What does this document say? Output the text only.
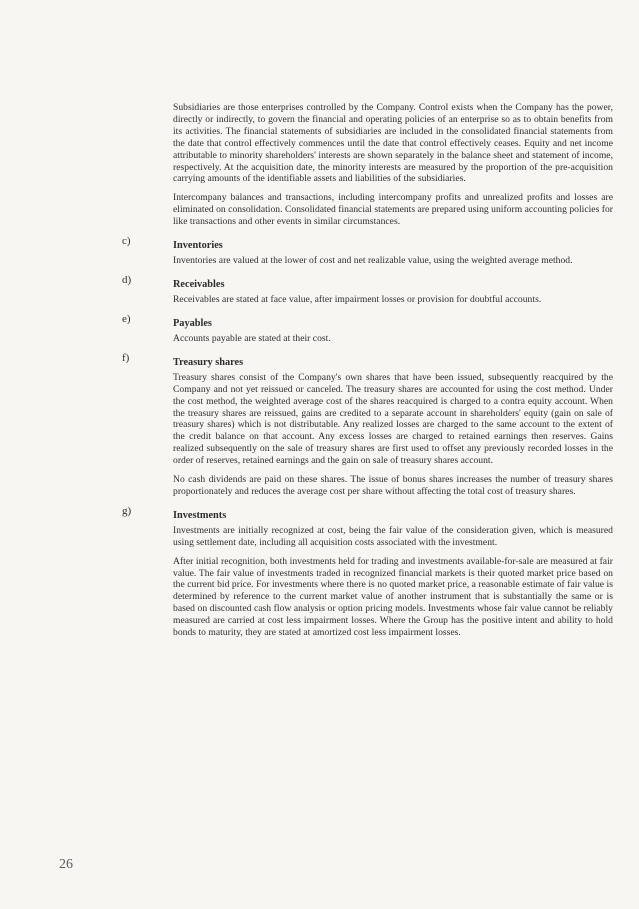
Subsidiaries are those enterprises controlled by the Company. Control exists when the Company has the power, directly or indirectly, to govern the financial and operating policies of an enterprise so as to obtain benefits from its activities. The financial statements of subsidiaries are included in the consolidated financial statements from the date that control effectively commences until the date that control effectively ceases. Equity and net income attributable to minority shareholders' interests are shown separately in the balance sheet and statement of income, respectively. At the acquisition date, the minority interests are measured by the proportion of the pre-acquisition carrying amounts of the identifiable assets and liabilities of the subsidiaries.

Intercompany balances and transactions, including intercompany profits and unrealized profits and losses are eliminated on consolidation. Consolidated financial statements are prepared using uniform accounting policies for like transactions and other events in similar circumstances.

c)	Inventories

Inventories are valued at the lower of cost and net realizable value, using the weighted average method.

d)	Receivables

Receivables are stated at face value, after impairment losses or provision for doubtful accounts.

e)	Payables

Accounts payable are stated at their cost.

f)	Treasury shares

Treasury shares consist of the Company's own shares that have been issued, subsequently reacquired by the Company and not yet reissued or canceled. The treasury shares are accounted for using the cost method. Under the cost method, the weighted average cost of the shares reacquired is charged to a contra equity account. When the treasury shares are reissued, gains are credited to a separate account in shareholders' equity (gain on sale of treasury shares) which is not distributable. Any realized losses are charged to the same account to the extent of the credit balance on that account. Any excess losses are charged to retained earnings then reserves. Gains realized subsequently on the sale of treasury shares are first used to offset any previously recorded losses in the order of reserves, retained earnings and the gain on sale of treasury shares account.

No cash dividends are paid on these shares. The issue of bonus shares increases the number of treasury shares proportionately and reduces the average cost per share without affecting the total cost of treasury shares.

g)	Investments

Investments are initially recognized at cost, being the fair value of the consideration given, which is measured using settlement date, including all acquisition costs associated with the investment.

After initial recognition, both investments held for trading and investments available-for-sale are measured at fair value. The fair value of investments traded in recognized financial markets is their quoted market price based on the current bid price. For investments where there is no quoted market price, a reasonable estimate of fair value is determined by reference to the current market value of another instrument that is substantially the same or is based on discounted cash flow analysis or option pricing models. Investments whose fair value cannot be reliably measured are carried at cost less impairment losses. Where the Group has the positive intent and ability to hold bonds to maturity, they are stated at amortized cost less impairment losses.

26
